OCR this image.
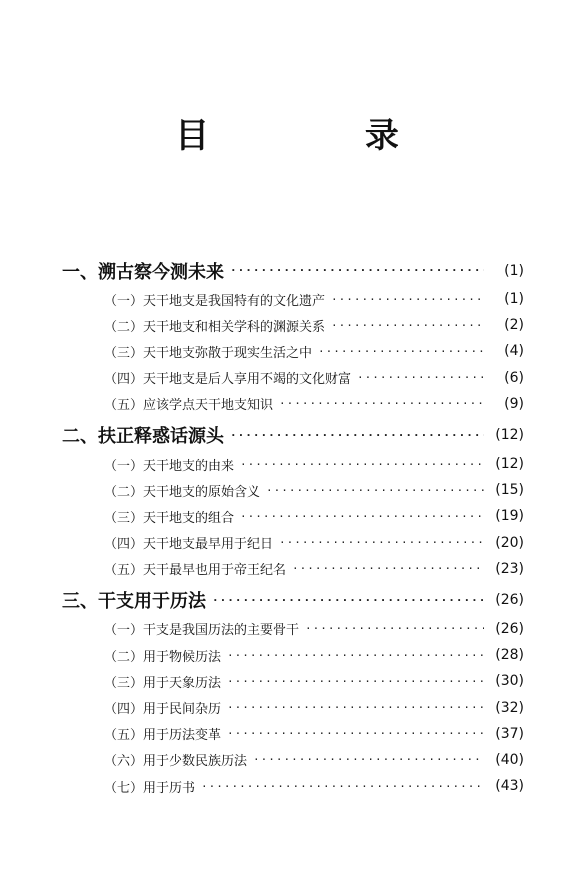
目 录
一、溯古察今测未来 ·····	(1)
（一）天干地支是我国特有的文化遗产 ·····	(1)
（二）天干地支和相关学科的渊源关系 ·····	(2)
（三）天干地支弥散于现实生活之中 ·····	(4)
（四）天干地支是后人享用不竭的文化财富 ·····	(6)
（五）应该学点天干地支知识 ·····	(9)
二、扶正释惑话源头 ·····	(12)
（一）天干地支的由来 ·····	(12)
（二）天干地支的原始含义 ·····	(15)
（三）天干地支的组合 ·····	(19)
（四）天干地支最早用于纪日 ·····	(20)
（五）天干最早也用于帝王纪名 ·····	(23)
三、干支用于历法 ·····	(26)
（一）干支是我国历法的主要骨干 ·····	(26)
（二）用于物候历法 ·····	(28)
（三）用于天象历法 ·····	(30)
（四）用于民间杂历 ·····	(32)
（五）用于历法变革 ·····	(37)
（六）用于少数民族历法 ·····	(40)
（七）用于历书 ·····	(43)
